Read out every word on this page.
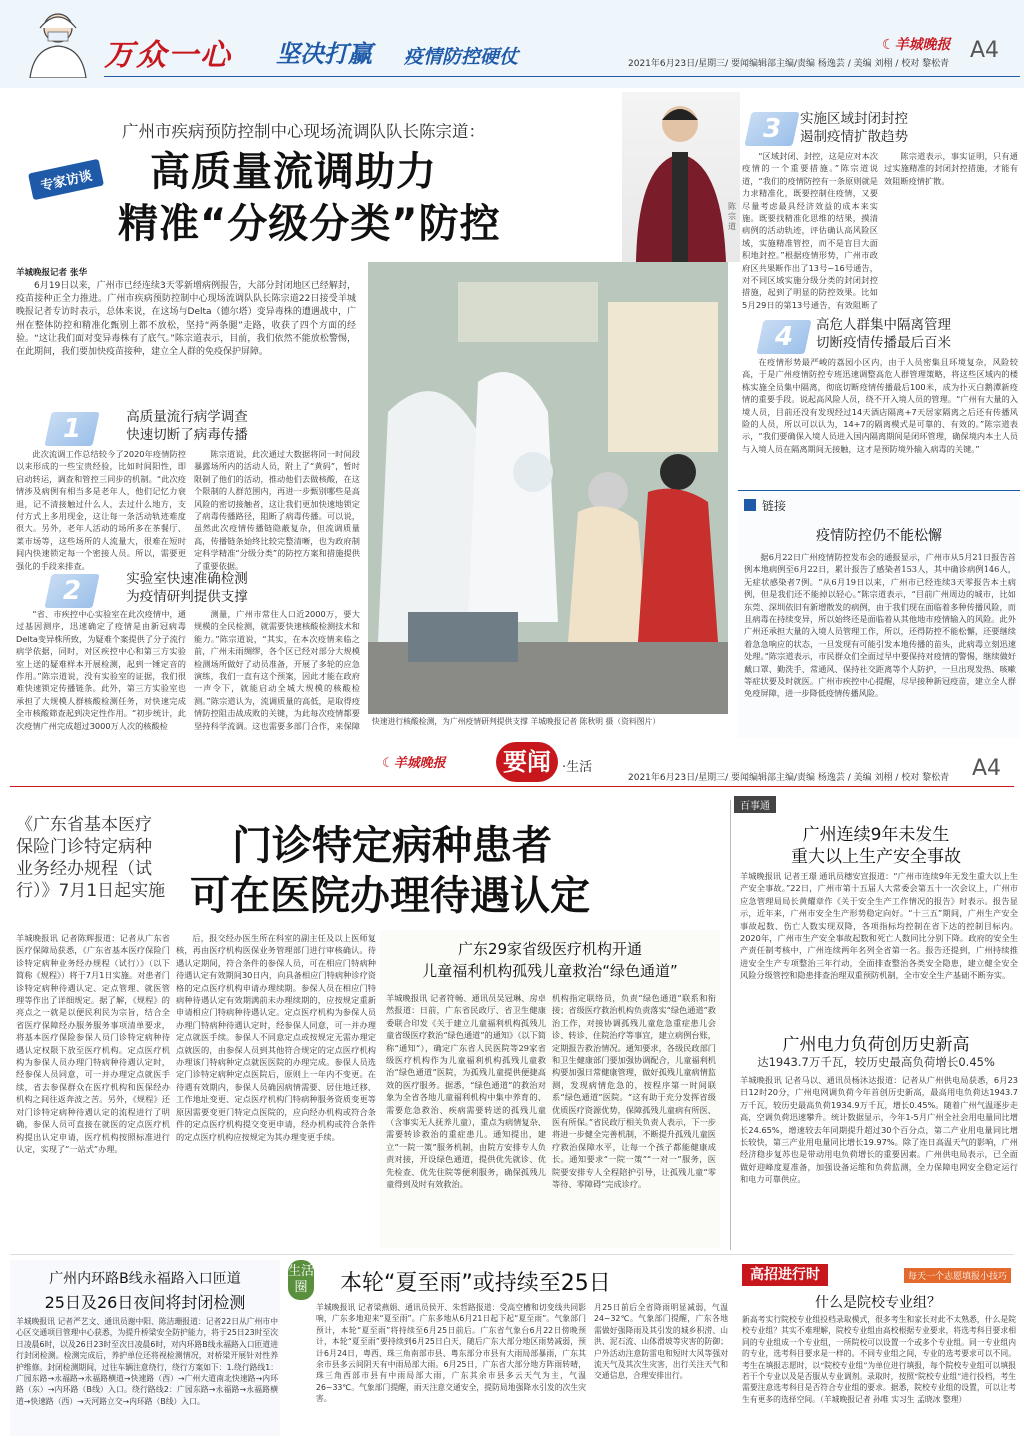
万众一心 坚决打赢 疫情防控硬仗
☾羊城晚报 A4
2021年6月23日/星期三/ 要闻编辑部主编/责编 杨逸芸 / 美编 刘栩 / 校对 黎松青
广州市疾病预防控制中心现场流调队队长陈宗道：
高质量流调助力
精准“分级分类”防控
专家访谈
陈宗道
羊城晚报记者 张华
6月19日以来，广州市已经连续3天零新增病例报告，大部分封闭地区已经解封，疫苗接种正全力推进。广州市疾病预防控制中心现场流调队队长陈宗道22日接受羊城晚报记者专访时表示，总体来说，在这场与Delta（德尔塔）变异毒株的遭遇战中，广州在整体防控和精准化甄别上都不放松，坚持“两条腿”走路，收获了四个方面的经验。“这让我们面对变异毒株有了底气。”陈宗道表示，目前，我们依然不能放松警惕，在此期间，我们要加快疫苗接种，建立全人群的免疫保护屏障。
快速进行核酸检测，为广州疫情研判提供支撑 羊城晚报记者 陈秋明 摄（资料图片）
1	高质量流行病学调查
快速切断了病毒传播
此次流调工作总结较今了2020年疫情防控以来形成的一些宝贵经验，比如时间阳性，即启动转运，调查和管控三同步的机制。“此次疫情涉及病例有相当多是老年人，他们记忆力衰退，记不清接触过什么人，去过什么地方，支付方式上多用现金，这让每一条活动轨迹难度很大。另外，老年人活动的场所多在茶餐厅、菜市场等，这些场所的人流量大，很难在短时间内快速锁定每一个密接人员。所以，需要更强化的手段来排查。
陈宗道说，此次通过大数据将同一时间段暴露场所内的活动人员，附上了“黄码”，暂时限制了他们的活动，推动他们去做核酸，在这个限制的人群范围内，再进一步甄别哪些是高风险的密切接触者，这让我们更加快速地锁定了病毒传播路径，阻断了病毒传播。可以说，虽然此次疫情传播链隐蔽复杂，但流调质量高，传播链条始终比较完整清晰，也为政府制定科学精准“分级分类”的防控方案和措施提供了重要依据。
2	实验室快速准确检测
为疫情研判提供支撑
“省、市疾控中心实验室在此次疫情中，通过基因测序，迅速确定了疫情是由新冠病毒Delta变异株所致，为疑难个案提供了分子流行病学依据，同时，对区疾控中心和第三方实验室上送的疑难样本开展检测，起到一锤定音的作用。”陈宗道说，没有实验室的证据，我们很难快速锁定传播链条。此外，第三方实验室也承担了大规模人群核酸检测任务，对快速完成全市核酸筛查起到决定性作用。“初步统计，此次疫情广州完成超过3000万人次的核酸检
测量，广州市常住人口近2000万，要大规模的全民检测，就需要快速核酸检测技术和能力。”陈宗道说，“其实，在本次疫情来临之前，广州未雨绸缪，各个区已经对部分大规模检测场所做好了动员准备，开展了多轮的应急演练，我们一直有这个预案，因此才能在政府一声令下，就能启动全城大规模的核酸检测。”陈宗道认为，流调质量的高低，是取得疫情防控阻击战成败的关键，为此每次疫情都要坚持科学流调。这也需要多部门合作，来保障
3	实施区域封闭封控
遏制疫情扩散趋势
“区域封闭、封控，这是应对本次疫情的一个重要措施。”陈宗道说道，“我们的疫情防控有一条原则就是力求精准化，既要控制住疫情，又要尽量考虑最具经济效益的成本来实施。既要找精准化思维的结果，摸清病例的活动轨迹，评估确认高风险区域，实施精准管控，而不是盲目大面积地封控。”根据疫情形势，广州市政府区共果断作出了13号~16号通告，对不同区域实施分级分类的封闭封控措施，起到了明显的防控效果。比如5月29日的第13号通告，有效阻断了
陈宗道表示，事实证明，只有通过实施精准的封闭封控措施，才能有效阻断疫情扩散。
4	高危人群集中隔离管理
切断疫情传播最后百米
在疫情形势最严峻的荔园小区内，由于人员密集且环境复杂，风险较高，于是广州疫情防控专班迅速调整高危人群管理策略，将这些区域内的楼栋实施全员集中隔离，彻底切断疫情传播最后100米，成为扑灭白鹅潭新疫情的重要手段。说起高风险人员，绕不开入境人员的管理。“广州有大量的入境人员，目前还没有发现经过14天酒店隔离+7天居家隔离之后还有传播风险的人员，所以可以认为，14+7的隔离模式是可靠的、有效的。”陈宗道表示，“我们要确保入境人员进入国内隔离期间是闭环管理，确保境内本土人员与入境人员在隔离期间无接触，这才是预防境外输入病毒的关键。”
链接
疫情防控仍不能松懈
据6月22日广州疫情防控发布会的通报显示，广州市从5月21日报告首例本地病例至6月22日，累计报告了感染者153人，其中确诊病例146人，无症状感染者7例。“从6月19日以来，广州市已经连续3天零报告本土病例，但是我们还不能掉以轻心。”陈宗道表示，“目前广州周边的城市，比如东莞、深圳依旧有新增散发的病例，由于我们现在面临着多种传播风险，而且病毒在持续变异，所以始终还是面临着从其他地市疫情输入的风险。此外广州还承担大量的入境人员管理工作，所以，还得防控不能松懈，还要继续着急急响应的状态，一旦发现有可能引发本地传播的苗头，此病毒立刻迅速处理。”陈宗道表示，市民群众们全面过早中要保持对疫情的警惕，继续做好戴口罩、勤洗手、常通风、保持社交距离等个人防护，一旦出现发热、咳嗽等症状要及时就医。广州市疾控中心提醒，尽早接种新冠疫苗，建立全人群免疫屏障，进一步降低疫情传播风险。
☾羊城晚报 要闻 ·生活
2021年6月23日/星期三/ 要闻编辑部主编/责编 杨逸芸 / 美编 刘栩 / 校对 黎松青	A4
《广东省基本医疗保险门诊特定病种业务经办规程（试行）》7月1日起实施
门诊特定病种患者
可在医院办理待遇认定
羊城晚报讯 记者陈辉报道：记者从广东省医疗保障局获悉，《广东省基本医疗保险门诊特定病种业务经办规程（试行）》（以下简称《规程》）将于7月1日实施。对患者门诊特定病种待遇认定、定点管理、就医管理等作出了详细规定。据了解，《规程》的亮点之一就是以便民利民为宗旨，结合全省医疗保障经办服务服务事项清单要求，将基本医疗保险参保人员门诊特定病种待遇认定权限下放至医疗机构。定点医疗机构为参保人员办理门特病种待遇认定时，经参保人员同意，可一并办理定点就医手续，省去参保群众在医疗机构和医保经办机构之间往返奔波之苦。另外，《规程》还对门诊特定病种待遇认定的流程进行了明确，参保人员可直接在就医的定点医疗机构提出认定申请，医疗机构按照标准进行认定，实现了“一站式”办理。
后，报交经办医生所在科室的副主任及以上医师复核，再由医疗机构医保业务管理部门进行审核确认。待遇认定期间，符合条件的参保人员，可在相应门特病种待遇认定有效期间30日内，向具备相应门特病种诊疗资格的定点医疗机构申请办理续期。参保人员在相应门特病种待遇认定有效期满前未办理续期的，应按规定重新申请相应门特病种待遇认定。定点医疗机构为参保人员办理门特病种待遇认定时，经参保人同意，可一并办理定点就医手续。参保人不同意定点或按规定无需办理定点就医的，由参保人员到其他符合规定的定点医疗机构办理该门特病种定点就医医院的办理完成。参保人员选定门诊特定病种定点医院后，原则上一年内不变更。在待遇有效期内，参保人员确因病情需要、居住地迁移、工作地址变更、定点医疗机构门特病种服务资质变更等原因需要变更门特定点医院的，应向经办机构或符合条件的定点医疗机构提交变更申请，经办机构或符合条件的定点医疗机构应按规定为其办理变更手续。
广东29家省级医疗机构开通
儿童福利机构孤残儿童救治“绿色通道”
羊城晚报讯 记者符畅、通讯员吴冠琳、房卓然报道：日前，广东省民政厅、省卫生健康委联合印发《关于建立儿童福利机构孤残儿童省级医疗救治“绿色通道”的通知》（以下简称“通知”），确定广东省人民医院等29家省级医疗机构作为儿童福利机构孤残儿童救治“绿色通道”医院，为孤残儿童提供便捷高效的医疗服务。据悉，“绿色通道”的救治对象为全省各地儿童福利机构中集中养育的、需要危急救治、疾病需要转送的孤残儿童（含事实无人抚养儿童），重点为病情复杂、需要转诊救治的重症患儿。通知提出，建立“一院一策”服务机制，由院方安排专人负责对接，开设绿色通道，提供优先就诊、优先检查、优先住院等便利服务，确保孤残儿童得到及时有效救治。
机构指定联络员，负责“绿色通道”联系和衔接；省级医疗救治机构负责落实“绿色通道”救治工作，对接协调孤残儿童危急重症患儿会诊、转诊、住院治疗等事宜，建立病例台账，定期报告救治情况。通知要求，各级民政部门和卫生健康部门要加强协调配合，儿童福利机构要加强日常健康管理，做好孤残儿童病情监测，发现病情危急的，按程序第一时间联系“绿色通道”医院。“这有助于充分发挥省级优质医疗资源优势，保障孤残儿童病有所医、医有所保。”省民政厅相关负责人表示，下一步将进一步健全完善机制，不断提升孤残儿童医疗救治保障水平，让每一个孩子都能健康成长。通知要求“一院一策”“一对一”服务，医院要安排专人全程陪护引导，让孤残儿童“零等待、零障碍”完成诊疗。
百事通
广州连续9年未发生
重大以上生产安全事故
羊城晚报讯 记者王璟 通讯员穗安宣报道：“广州市连续9年无发生重大以上生产安全事故。”22日，广州市第十五届人大常委会第五十一次会议上，广州市应急管理局局长黄耀章作《关于安全生产工作情况的报告》时表示。报告显示，近年来，广州市安全生产形势稳定向好。“十三五”期间，广州生产安全事故起数、伤亡人数实现双降，各项指标均控制在省下达的控制目标内。2020年，广州市生产安全事故起数和死亡人数同比分别下降。政府的安全生产责任制考核中，广州连续两年名列全省第一名。报告还提到，广州持续推进安全生产专项整治三年行动，全面排查整治各类安全隐患，建立健全安全风险分级管控和隐患排查治理双重预防机制，全市安全生产基础不断夯实。
广州电力负荷创历史新高
达1943.7万千瓦，较历史最高负荷增长0.45%
羊城晚报讯 记者马以、通讯员杨沐达报道：记者从广州供电局获悉，6月23日12时20分，广州电网调负荷今年首创历史新高，最高用电负荷达1943.7万千瓦，较历史最高负荷1934.9万千瓦，增长0.45%。随着广州气温逐步走高，空调负荷迅速攀升。统计数据显示，今年1-5月广州全社会用电量同比增长24.65%，增速较去年同期提升超过30个百分点，第二产业用电量同比增长较快，第三产业用电量同比增长19.97%。除了连日高温天气的影响，广州经济稳步复苏也是带动用电负荷增长的重要因素。广州供电局表示，已全面做好迎峰度夏准备，加强设备运维和负荷监测，全力保障电网安全稳定运行和电力可靠供应。
广州内环路B线永福路入口匝道
25日及26日夜间将封闭检测
羊城晚报讯 记者严艺文、通讯员谢中阳、陈洁珊报道：记者22日从广州市中心区交通项目管理中心获悉，为提升桥梁安全防护能力，将于25日23时至次日凌晨6时，以及26日23时至次日凌晨6时，对内环路B线永福路入口匝道进行封闭检测。检测完成后，养护单位还将视检测情况，对桥梁开展针对性养护维修。封闭检测期间，过往车辆注意绕行，绕行方案如下：1.绕行路线1：广园东路→永福路→永福路横道→快速路（西）→广州大道南北快速路→内环路（东）→内环路（B线）入口。绕行路线2：广园东路→永福路→永福路横道→快速路（西）→天河路立交→内环路（B线）入口。
生活圈 本轮“夏至雨”或持续至25日
羊城晚报讯 记者梁燕娟、通讯员侯开、朱哲路报道：受高空槽和切变线共同影响，广东多地迎来“夏至雨”。广东多地从6月21日起下起“夏至雨”。气象部门预计，本轮“夏至雨”将持续至6月25日前后。广东省气象台6月22日傍晚预计，本轮“夏至雨”要持续到6月25日白天，随后广东大部分地区雨势减弱，预计6月24日，粤西、珠三角南部市县、粤东部分市县有大雨局部暴雨，广东其余市县多云间阴天有中雨局部大雨。6月25日，广东省大部分地方阵雨转晴，珠三角西部市县有中雨局部大雨，广东其余市县多云天气为主，气温26~33℃。气象部门提醒，雨天注意交通安全，提防局地强降水引发的次生灾害。
月25日前后全省降雨明显减弱，气温24~32℃。气象部门提醒，广东各地需做好强降雨及其引发的城乡积涝、山洪、泥石流、山体滑坡等灾害的防御；户外活动注意防雷电和短时大风等强对流天气及其次生灾害，出行关注天气和交通信息，合理安排出行。
高招进行时	每天一个志愿填报小技巧
什么是院校专业组？
新高考实行院校专业组投档录取模式，很多考生和家长对此不太熟悉，什么是院校专业组？其实不难理解，院校专业组由高校根据专业要求，将选考科目要求相同的专业组成一个专业组，一所院校可以设置一个或多个专业组。同一专业组内的专业，选考科目要求是一样的。不同专业组之间，专业的选考要求可以不同。考生在填报志愿时，以“院校专业组”为单位进行填报，每个院校专业组可以填报若干个专业以及是否服从专业调剂。录取时，按照“院校专业组”进行投档，考生需要注意选考科目是否符合专业组的要求。据悉，院校专业组的设置，可以让考生有更多的选择空间。（羊城晚报记者 孙唯 实习生 孟晓冰 整理）
